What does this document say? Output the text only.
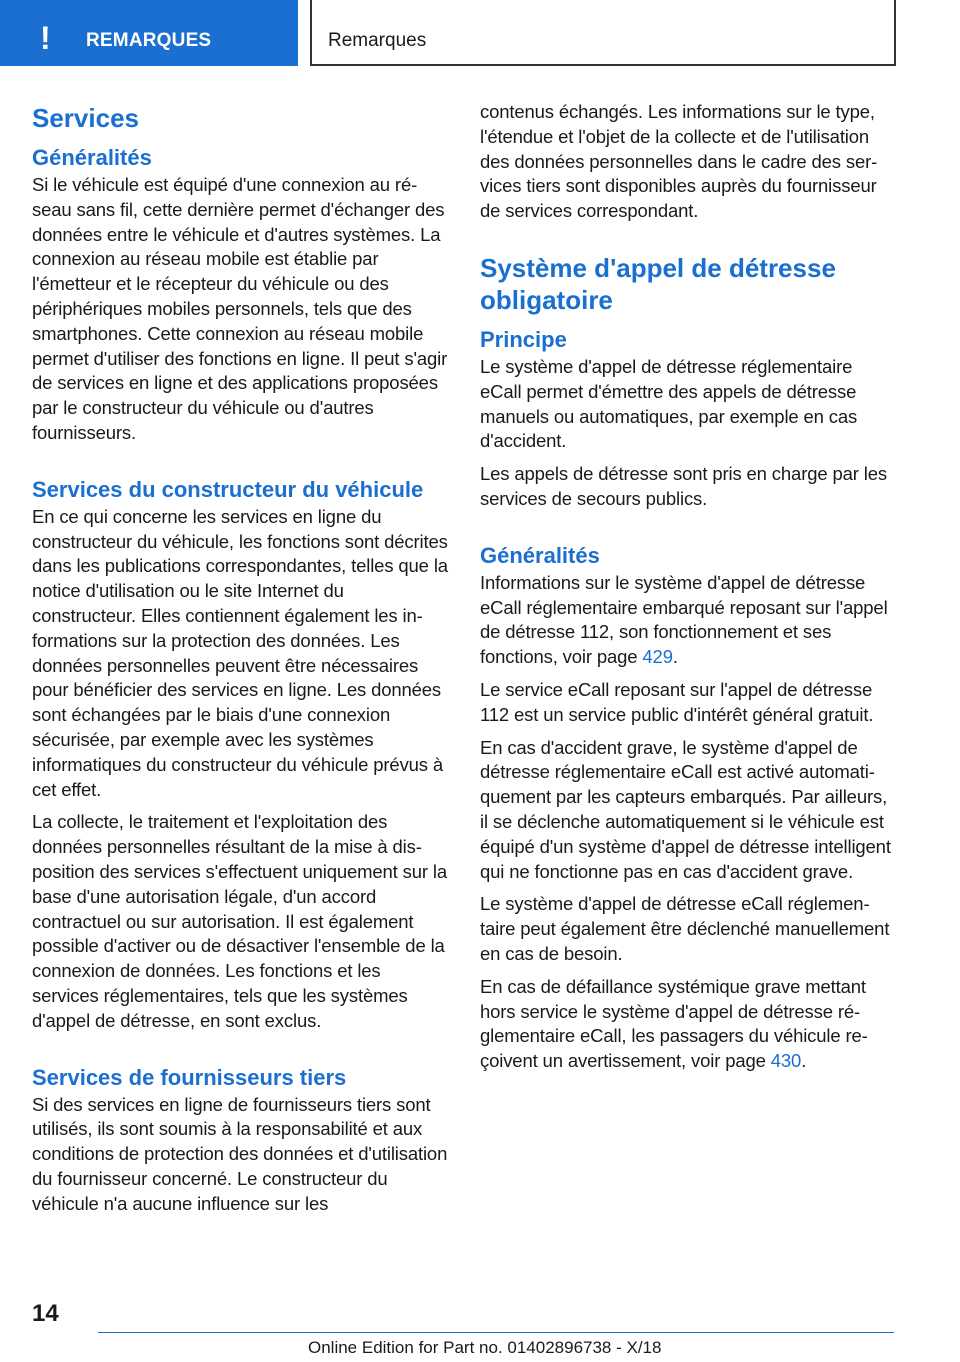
! REMARQUES	Remarques
Services
Généralités

Si le véhicule est équipé d'une connexion au réseau sans fil, cette dernière permet d'échanger des données entre le véhicule et d'autres systèmes. La connexion au réseau mobile est établie par l'émetteur et le récepteur du véhicule ou des périphériques mobiles personnels, tels que des smartphones. Cette connexion au réseau mobile permet d'utiliser des fonctions en ligne. Il peut s'agir de services en ligne et des applications proposées par le constructeur du véhicule ou d'autres fournisseurs.

Services du constructeur du véhicule

En ce qui concerne les services en ligne du constructeur du véhicule, les fonctions sont décrites dans les publications correspondantes, telles que la notice d'utilisation ou le site Internet du constructeur. Elles contiennent également les informations sur la protection des données. Les données personnelles peuvent être nécessaires pour bénéficier des services en ligne. Les données sont échangées par le biais d'une connexion sécurisée, par exemple avec les systèmes informatiques du constructeur du véhicule prévus à cet effet.

La collecte, le traitement et l'exploitation des données personnelles résultant de la mise à disposition des services s'effectuent uniquement sur la base d'une autorisation légale, d'un accord contractuel ou sur autorisation. Il est également possible d'activer ou de désactiver l'ensemble de la connexion de données. Les fonctions et les services réglementaires, tels que les systèmes d'appel de détresse, en sont exclus.

Services de fournisseurs tiers

Si des services en ligne de fournisseurs tiers sont utilisés, ils sont soumis à la responsabilité et aux conditions de protection des données et d'utilisation du fournisseur concerné. Le constructeur du véhicule n'a aucune influence sur les

contenus échangés. Les informations sur le type, l'étendue et l'objet de la collecte et de l'utilisation des données personnelles dans le cadre des services tiers sont disponibles auprès du fournisseur de services correspondant.

Système d'appel de détresse obligatoire
Principe

Le système d'appel de détresse réglementaire eCall permet d'émettre des appels de détresse manuels ou automatiques, par exemple en cas d'accident.

Les appels de détresse sont pris en charge par les services de secours publics.

Généralités

Informations sur le système d'appel de détresse eCall réglementaire embarqué reposant sur l'appel de détresse 112, son fonctionnement et ses fonctions, voir page 429.

Le service eCall reposant sur l'appel de détresse 112 est un service public d'intérêt général gratuit.

En cas d'accident grave, le système d'appel de détresse réglementaire eCall est activé automatiquement par les capteurs embarqués. Par ailleurs, il se déclenche automatiquement si le véhicule est équipé d'un système d'appel de détresse intelligent qui ne fonctionne pas en cas d'accident grave.

Le système d'appel de détresse eCall réglementaire peut également être déclenché manuellement en cas de besoin.

En cas de défaillance systémique grave mettant hors service le système d'appel de détresse réglementaire eCall, les passagers du véhicule reçoivent un avertissement, voir page 430.

14
Online Edition for Part no. 01402896738 - X/18
